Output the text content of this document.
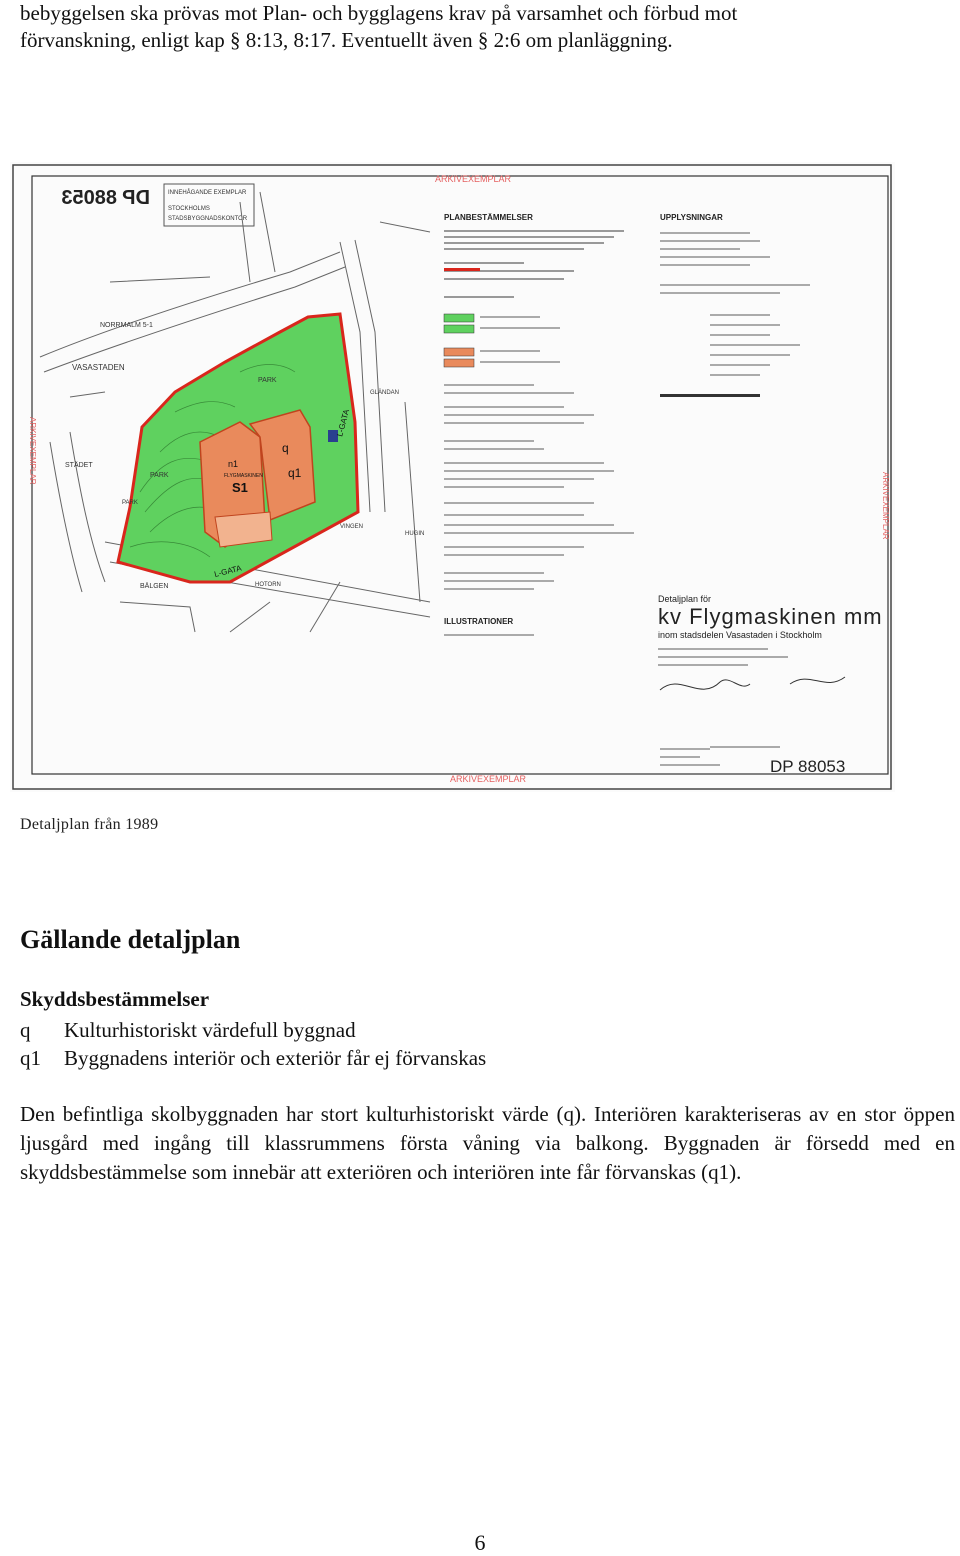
bebyggelsen ska prövas mot Plan- och bygglagens krav på varsamhet och förbud mot
förvanskning, enligt kap § 8:13, 8:17. Eventuellt även § 2:6 om planläggning.
DP 88053	INNEHÅGANDE EXEMPLAR
STOCKHOLMS
STADSBYGGNADSKONTOR
ARKIVEXEMPLAR
ARKIVEXEMPLAR
ARKIVEXEMPLAR
ARKIVEXEMPLAR
q
q1
S1
n1
FLYGMASKINEN
VASASTADEN
NORRMALM 5-1
STÄDET
PARK
PARK
L-GATA
L-GATA
VINGEN
BÄLGEN	HOTORN
GLÄNDAN
HUGIN
PARK
PLANBESTÄMMELSER
ILLUSTRATIONER
UPPLYSNINGAR
Detaljplan för
kv Flygmaskinen mm
inom stadsdelen Vasastaden i Stockholm
DP 88053
Detaljplan från 1989
Gällande detaljplan
Skyddsbestämmelser
q	Kulturhistoriskt värdefull byggnad
q1	Byggnadens interiör och exteriör får ej förvanskas
Den befintliga skolbyggnaden har stort kulturhistoriskt värde (q). Interiören karakteriseras av en stor öppen ljusgård med ingång till klassrummens första våning via balkong. Byggnaden är försedd med en skyddsbestämmelse som innebär att exteriören och interiören inte får förvanskas (q1).
6
